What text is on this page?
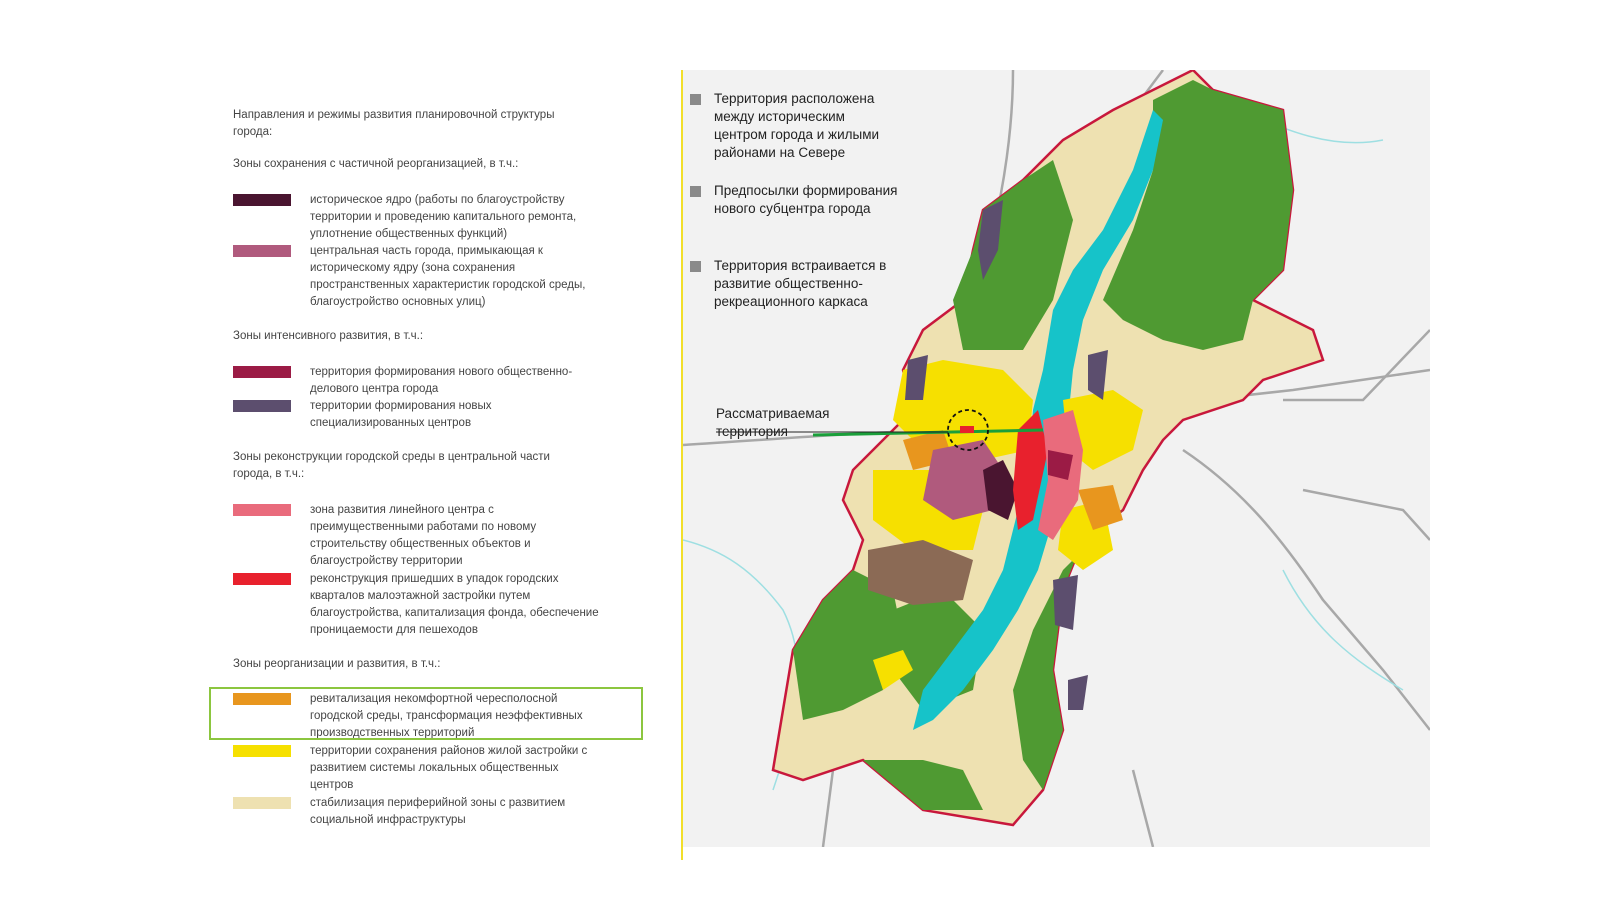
Направления и режимы развития планировочной структуры города:
Зоны сохранения с частичной реорганизацией, в т.ч.:
историческое ядро (работы по благоустройству территории и проведению капитального ремонта, уплотнение общественных функций)
центральная часть города, примыкающая к историческому ядру (зона сохранения пространственных характеристик городской среды, благоустройство основных улиц)
Зоны интенсивного развития, в т.ч.:
территория формирования нового общественно-делового центра города
территории формирования новых специализированных центров
Зоны реконструкции городской среды в центральной части города, в т.ч.:
зона развития линейного центра с преимущественными работами по новому строительству общественных объектов и благоустройству территории
реконструкция пришедших в упадок городских кварталов малоэтажной застройки путем благоустройства, капитализация фонда, обеспечение проницаемости для пешеходов
Зоны реорганизации и развития, в т.ч.:
ревитализация некомфортной чересполосной городской среды, трансформация неэффективных производственных территорий
территории сохранения районов жилой застройки с развитием системы локальных общественных центров
стабилизация периферийной зоны с развитием социальной инфраструктуры
Территория расположена между историческим центром города и жилыми районами на Севере
Предпосылки формирования нового субцентра города
Территория встраивается в развитие общественно-рекреационного каркаса
Рассматриваемая территория
